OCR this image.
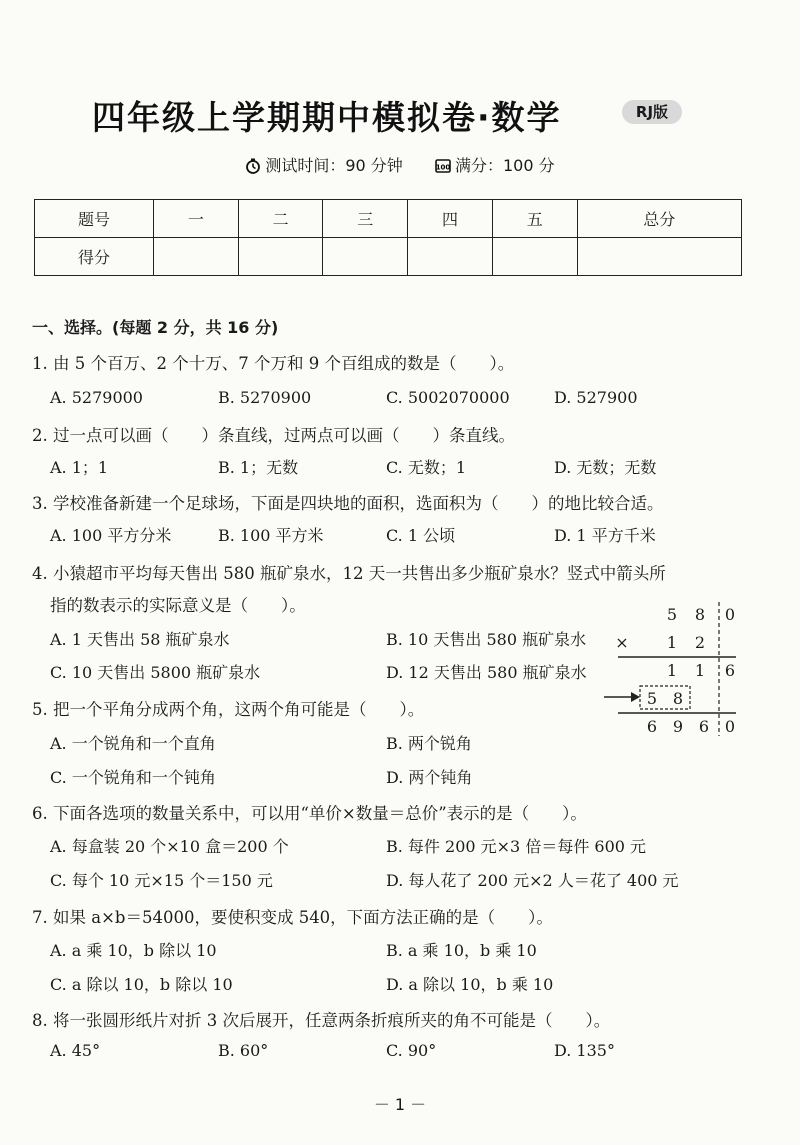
四年级上学期期中模拟卷·数学	RJ版
测试时间：90 分钟	100 满分：100 分
题号	一	二	三	四	五	总分
得分						
一、选择。(每题 2 分，共 16 分)
1. 由 5 个百万、2 个十万、7 个万和 9 个百组成的数是（　　）。
A. 5279000	B. 5270900	C. 5002070000	D. 527900
2. 过一点可以画（　　）条直线，过两点可以画（　　）条直线。
A. 1；1	B. 1；无数	C. 无数；1	D. 无数；无数
3. 学校准备新建一个足球场，下面是四块地的面积，选面积为（　　）的地比较合适。
A. 100 平方分米	B. 100 平方米	C. 1 公顷	D. 1 平方千米
4. 小猿超市平均每天售出 580 瓶矿泉水，12 天一共售出多少瓶矿泉水？竖式中箭头所
指的数表示的实际意义是（　　）。
A. 1 天售出 58 瓶矿泉水	B. 10 天售出 580 瓶矿泉水
C. 10 天售出 5800 瓶矿泉水	D. 12 天售出 580 瓶矿泉水
5 8 0
× 1 2
1 1 6
5 8
6 9 6 0
5. 把一个平角分成两个角，这两个角可能是（　　）。
A. 一个锐角和一个直角	B. 两个锐角
C. 一个锐角和一个钝角	D. 两个钝角
6. 下面各选项的数量关系中，可以用“单价×数量＝总价”表示的是（　　）。
A. 每盒装 20 个×10 盒＝200 个	B. 每件 200 元×3 倍＝每件 600 元
C. 每个 10 元×15 个＝150 元	D. 每人花了 200 元×2 人＝花了 400 元
7. 如果 a×b＝54000，要使积变成 540，下面方法正确的是（　　）。
A. a 乘 10，b 除以 10	B. a 乘 10，b 乘 10
C. a 除以 10，b 除以 10	D. a 除以 10，b 乘 10
8. 将一张圆形纸片对折 3 次后展开，任意两条折痕所夹的角不可能是（　　）。
A. 45°	B. 60°	C. 90°	D. 135°
－ 1 －
